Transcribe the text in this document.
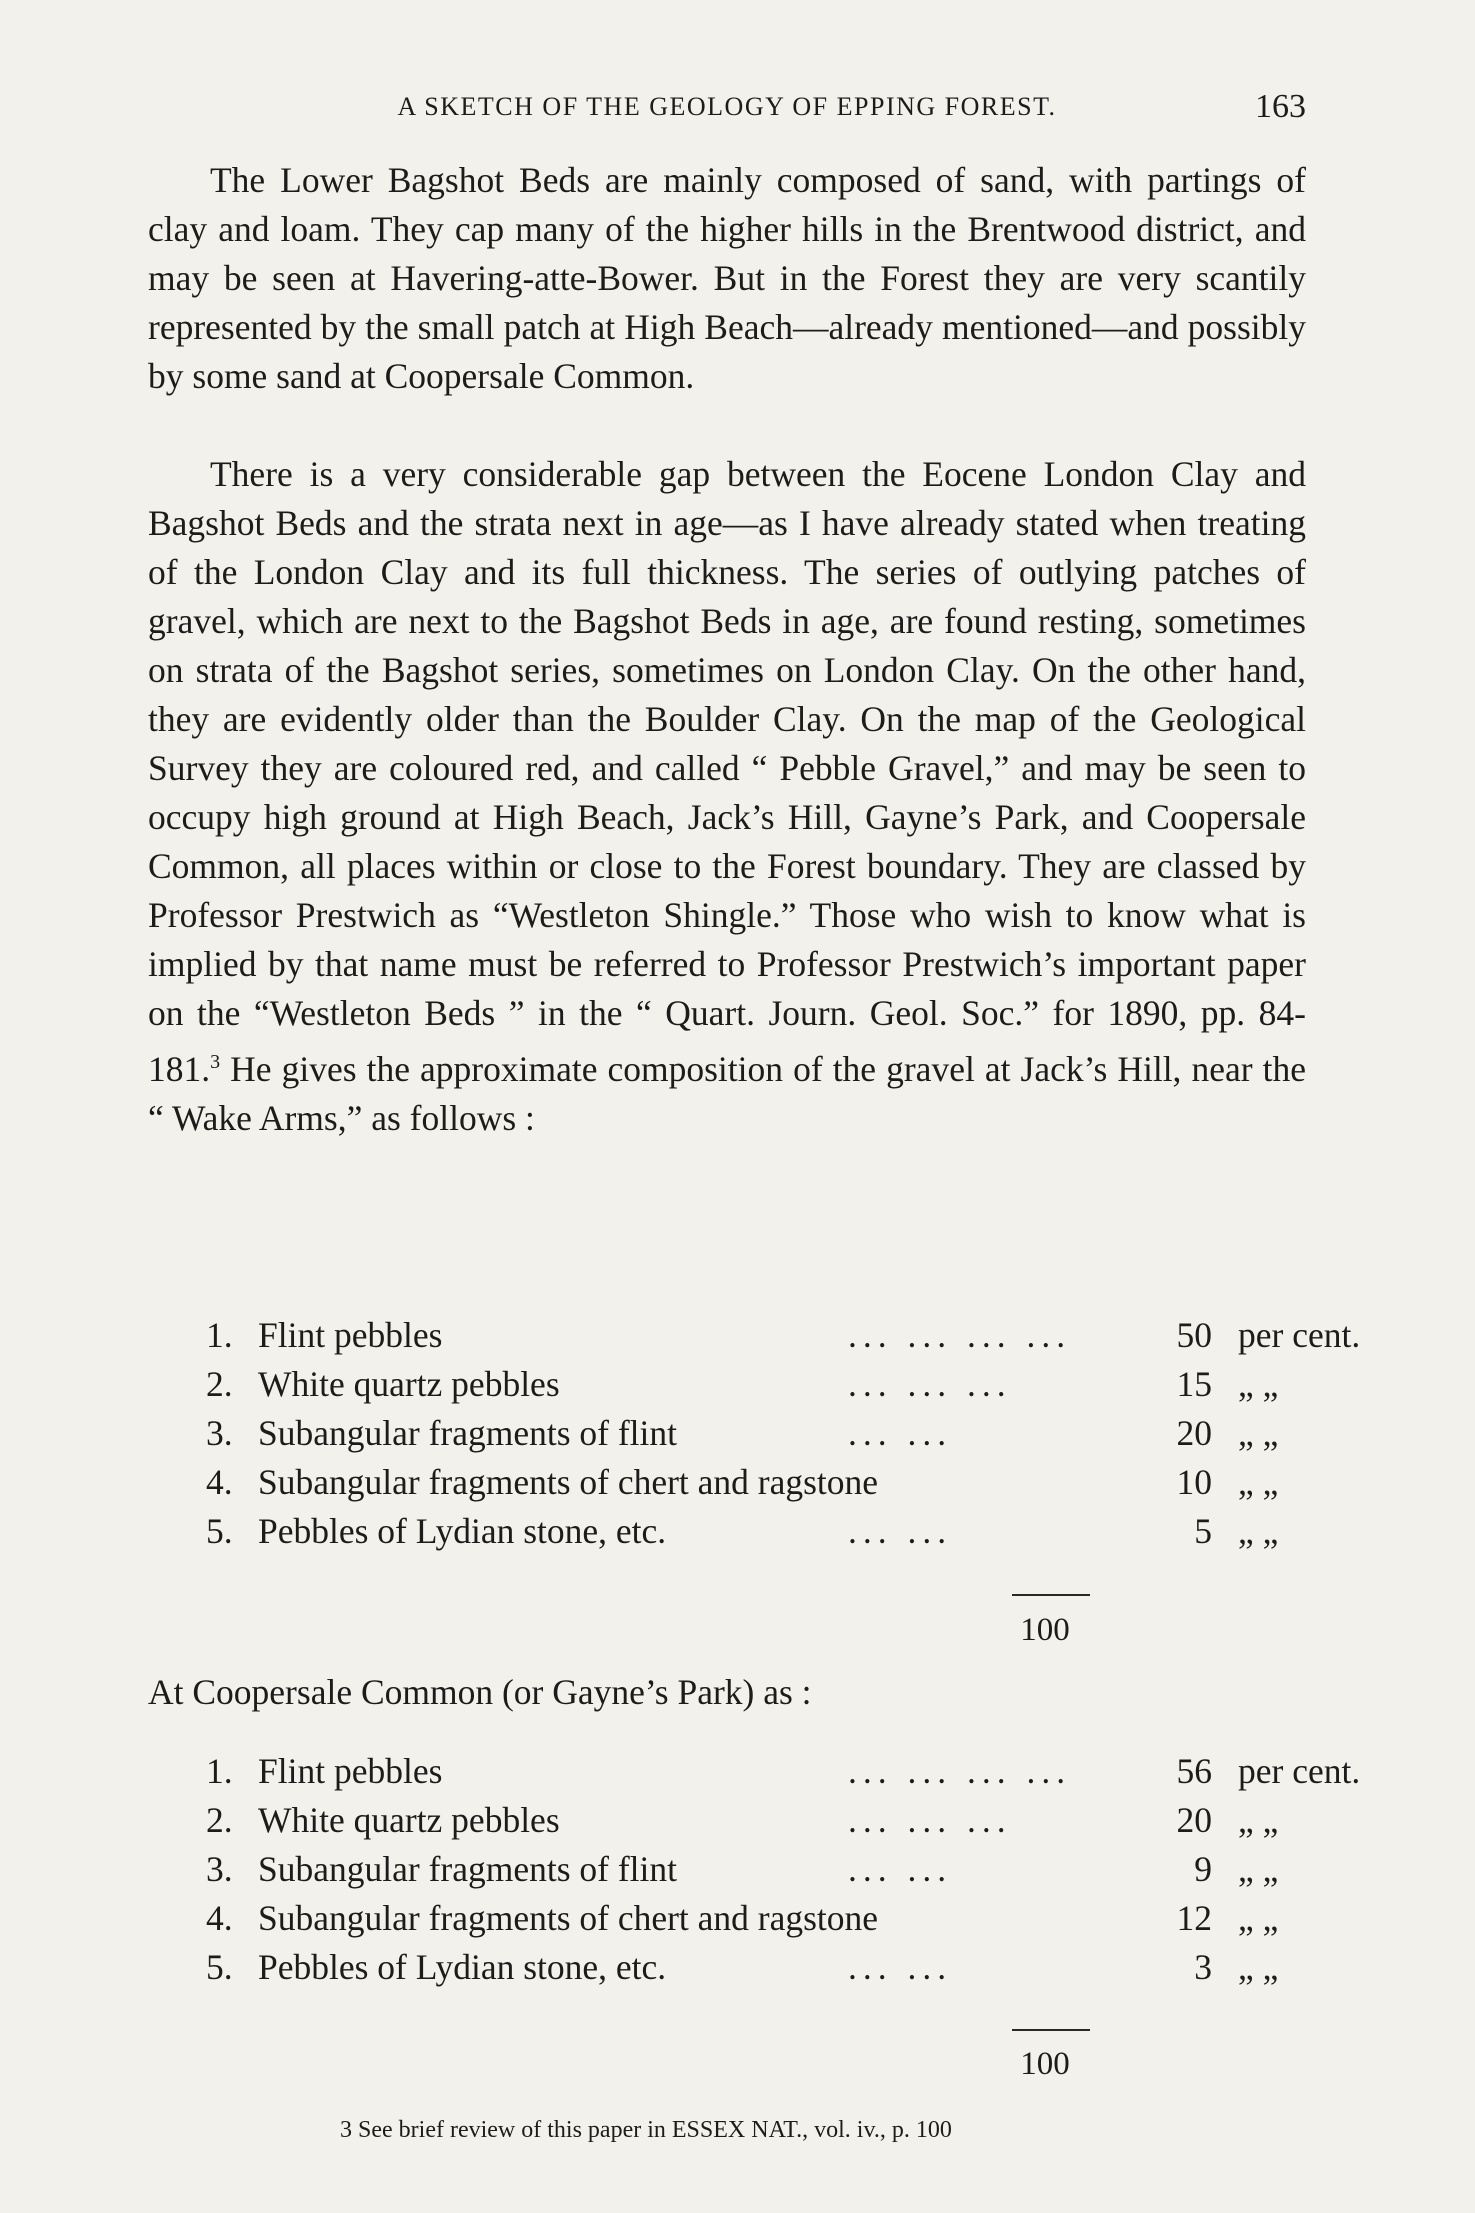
A SKETCH OF THE GEOLOGY OF EPPING FOREST.	163

The Lower Bagshot Beds are mainly composed of sand, with partings of clay and loam. They cap many of the higher hills in the Brentwood district, and may be seen at Havering-atte-Bower. But in the Forest they are very scantily represented by the small patch at High Beach—already mentioned—and possibly by some sand at Coopersale Common.

There is a very considerable gap between the Eocene London Clay and Bagshot Beds and the strata next in age—as I have already stated when treating of the London Clay and its full thickness. The series of outlying patches of gravel, which are next to the Bagshot Beds in age, are found resting, sometimes on strata of the Bagshot series, sometimes on London Clay. On the other hand, they are evidently older than the Boulder Clay. On the map of the Geological Survey they are coloured red, and called “ Pebble Gravel,” and may be seen to occupy high ground at High Beach, Jack’s Hill, Gayne’s Park, and Coopersale Common, all places within or close to the Forest boundary. They are classed by Professor Prestwich as “Westleton Shingle.” Those who wish to know what is implied by that name must be referred to Professor Prestwich’s important paper on the “Westleton Beds ” in the “ Quart. Journ. Geol. Soc.” for 1890, pp. 84-181.$^3$ He gives the approximate composition of the gravel at Jack’s Hill, near the “ Wake Arms,” as follows :

1. Flint pebbles	... ... ... ...	50 per cent.
2. White quartz pebbles	... ... ...	15 „ „
3. Subangular fragments of flint	... ...	20 „ „
4. Subangular fragments of chert and ragstone	10 „ „
5. Pebbles of Lydian stone, etc.	... ...	5 „ „
100

At Coopersale Common (or Gayne’s Park) as :

1. Flint pebbles	... ... ... ...	56 per cent.
2. White quartz pebbles	... ... ...	20 „ „
3. Subangular fragments of flint	... ...	9 „ „
4. Subangular fragments of chert and ragstone	12 „ „
5. Pebbles of Lydian stone, etc.	... ...	3 „ „
100

3 See brief review of this paper in ESSEX NAT., vol. iv., p. 100
